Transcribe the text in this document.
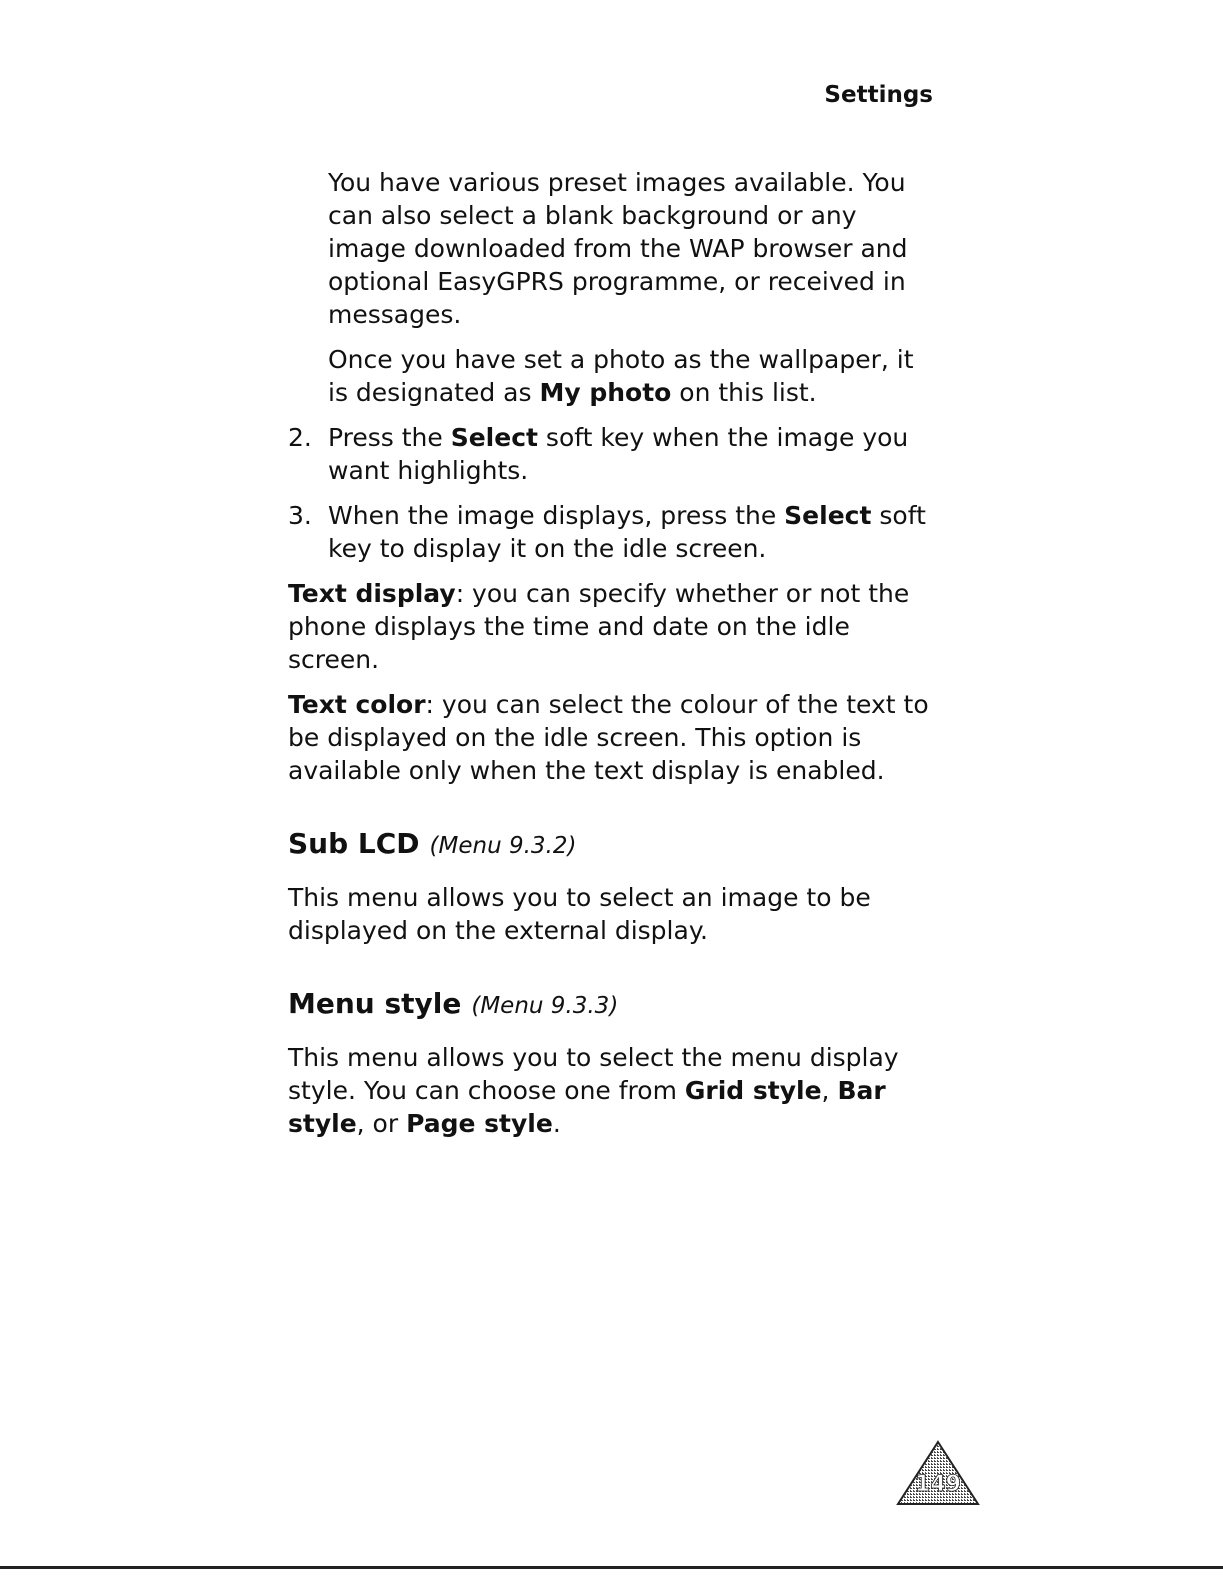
Settings
You have various preset images available. You can also select a blank background or any image downloaded from the WAP browser and optional EasyGPRS programme, or received in messages.
Once you have set a photo as the wallpaper, it is designated as My photo on this list.
2. Press the Select soft key when the image you want highlights.
3. When the image displays, press the Select soft key to display it on the idle screen.

Text display: you can specify whether or not the phone displays the time and date on the idle screen.

Text color: you can select the colour of the text to be displayed on the idle screen. This option is available only when the text display is enabled.

Sub LCD (Menu 9.3.2)

This menu allows you to select an image to be displayed on the external display.

Menu style (Menu 9.3.3)

This menu allows you to select the menu display style. You can choose one from Grid style, Bar style, or Page style.

149
